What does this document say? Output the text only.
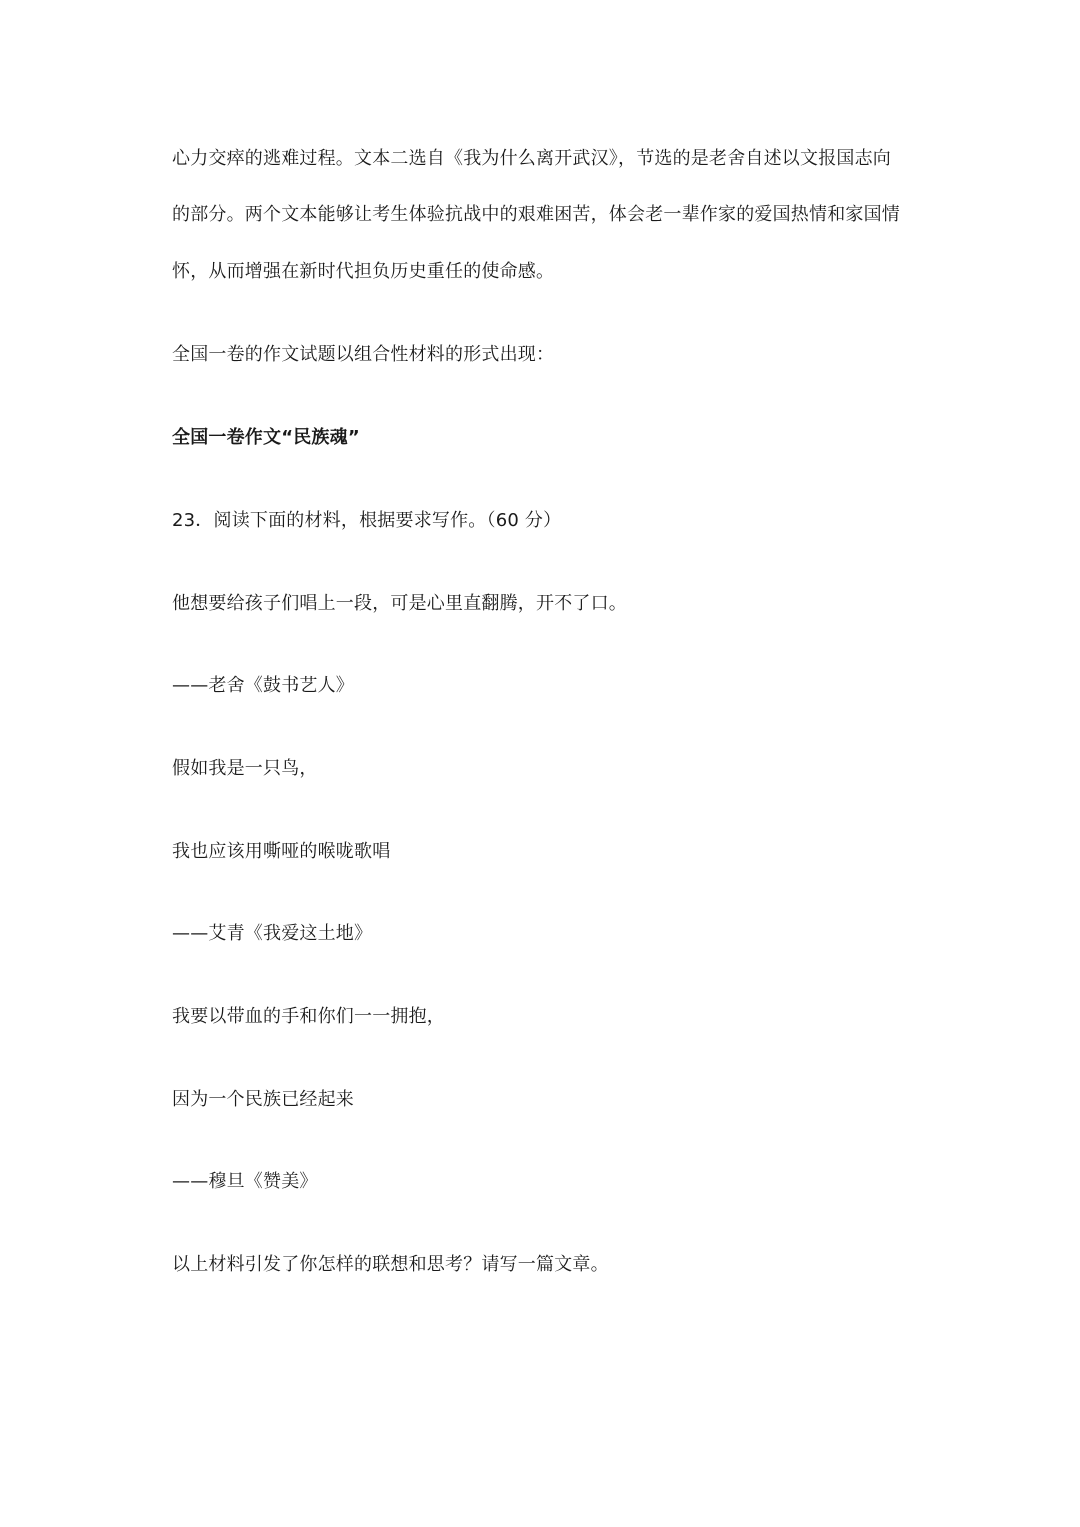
心力交瘁的逃难过程。文本二选自《我为什么离开武汉》，节选的是老舍自述以文报国志向
的部分。两个文本能够让考生体验抗战中的艰难困苦，体会老一辈作家的爱国热情和家国情
怀，从而增强在新时代担负历史重任的使命感。
全国一卷的作文试题以组合性材料的形式出现：
全国一卷作文“民族魂”
23．阅读下面的材料，根据要求写作。（60 分）
他想要给孩子们唱上一段，可是心里直翻腾，开不了口。
——老舍《鼓书艺人》
假如我是一只鸟，
我也应该用嘶哑的喉咙歌唱
——艾青《我爱这土地》
我要以带血的手和你们一一拥抱，
因为一个民族已经起来
——穆旦《赞美》
以上材料引发了你怎样的联想和思考？请写一篇文章。
